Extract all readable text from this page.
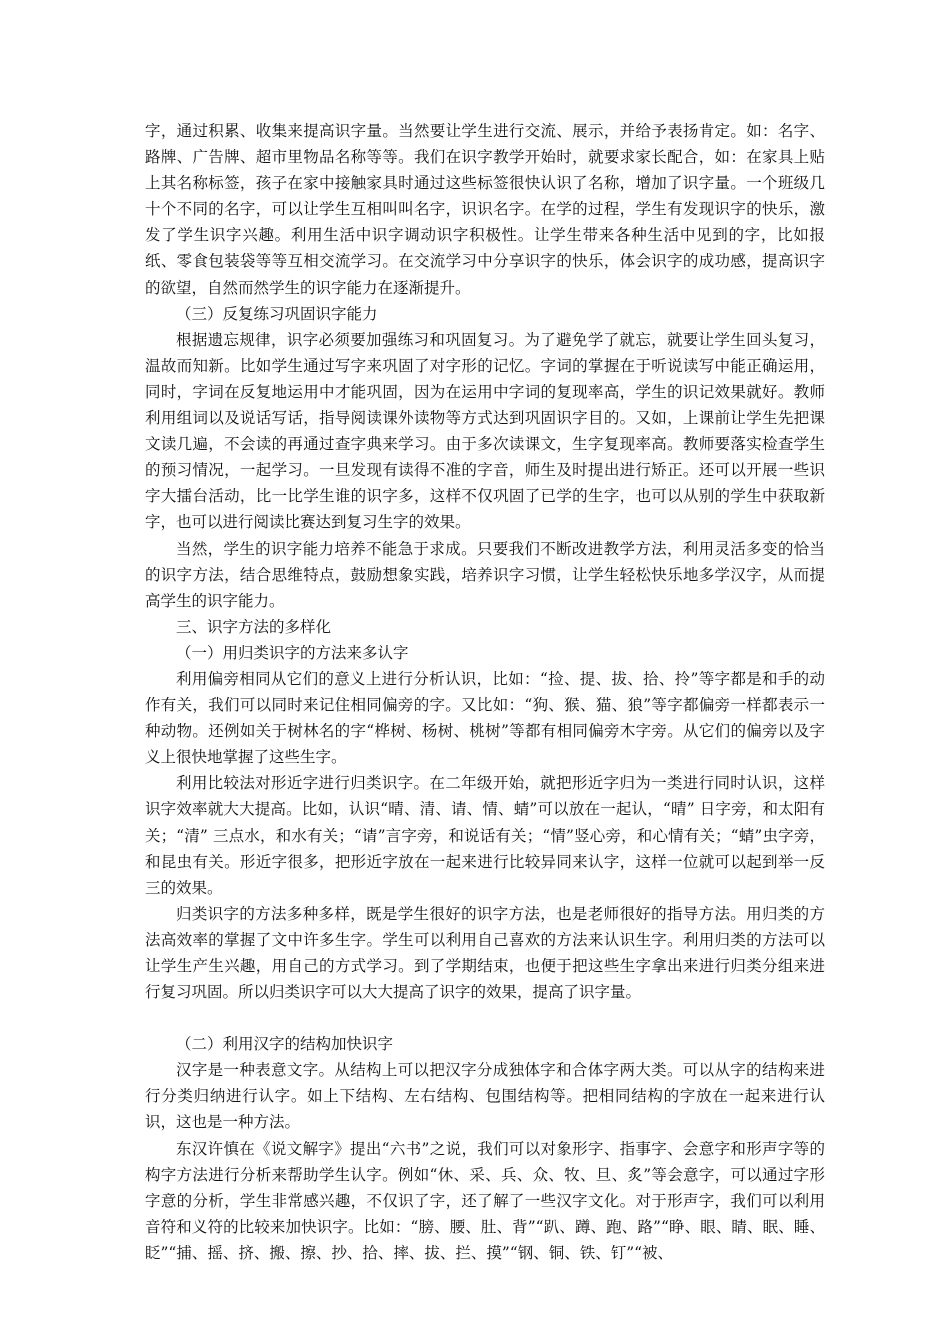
字，通过积累、收集来提高识字量。当然要让学生进行交流、展示，并给予表扬肯定。如：名字、路牌、广告牌、超市里物品名称等等。我们在识字教学开始时，就要求家长配合，如：在家具上贴上其名称标签，孩子在家中接触家具时通过这些标签很快认识了名称，增加了识字量。一个班级几十个不同的名字，可以让学生互相叫叫名字，识识名字。在学的过程，学生有发现识字的快乐，激发了学生识字兴趣。利用生活中识字调动识字积极性。让学生带来各种生活中见到的字，比如报纸、零食包装袋等等互相交流学习。在交流学习中分享识字的快乐，体会识字的成功感，提高识字的欲望，自然而然学生的识字能力在逐渐提升。

（三）反复练习巩固识字能力

根据遗忘规律，识字必须要加强练习和巩固复习。为了避免学了就忘，就要让学生回头复习，温故而知新。比如学生通过写字来巩固了对字形的记忆。字词的掌握在于听说读写中能正确运用，同时，字词在反复地运用中才能巩固，因为在运用中字词的复现率高，学生的识记效果就好。教师利用组词以及说话写话，指导阅读课外读物等方式达到巩固识字目的。又如，上课前让学生先把课文读几遍，不会读的再通过查字典来学习。由于多次读课文，生字复现率高。教师要落实检查学生的预习情况，一起学习。一旦发现有读得不准的字音，师生及时提出进行矫正。还可以开展一些识字大擂台活动，比一比学生谁的识字多，这样不仅巩固了已学的生字，也可以从别的学生中获取新字，也可以进行阅读比赛达到复习生字的效果。

当然，学生的识字能力培养不能急于求成。只要我们不断改进教学方法，利用灵活多变的恰当的识字方法，结合思维特点，鼓励想象实践，培养识字习惯，让学生轻松快乐地多学汉字，从而提高学生的识字能力。

三、识字方法的多样化

（一）用归类识字的方法来多认字

利用偏旁相同从它们的意义上进行分析认识，比如：“捡、提、拔、拾、拎”等字都是和手的动作有关，我们可以同时来记住相同偏旁的字。又比如：“狗、猴、猫、狼”等字都偏旁一样都表示一种动物。还例如关于树林名的字“桦树、杨树、桃树”等都有相同偏旁木字旁。从它们的偏旁以及字义上很快地掌握了这些生字。

利用比较法对形近字进行归类识字。在二年级开始，就把形近字归为一类进行同时认识，这样识字效率就大大提高。比如，认识“晴、清、请、情、蜻”可以放在一起认，“晴” 日字旁，和太阳有关；“清” 三点水，和水有关；“请”言字旁，和说话有关；“情”竖心旁，和心情有关；“蜻”虫字旁，和昆虫有关。形近字很多，把形近字放在一起来进行比较异同来认字，这样一位就可以起到举一反三的效果。

归类识字的方法多种多样，既是学生很好的识字方法，也是老师很好的指导方法。用归类的方法高效率的掌握了文中许多生字。学生可以利用自己喜欢的方法来认识生字。利用归类的方法可以让学生产生兴趣，用自己的方式学习。到了学期结束，也便于把这些生字拿出来进行归类分组来进行复习巩固。所以归类识字可以大大提高了识字的效果，提高了识字量。

（二）利用汉字的结构加快识字

汉字是一种表意文字。从结构上可以把汉字分成独体字和合体字两大类。可以从字的结构来进行分类归纳进行认字。如上下结构、左右结构、包围结构等。把相同结构的字放在一起来进行认识，这也是一种方法。

东汉许慎在《说文解字》提出“六书”之说，我们可以对象形字、指事字、会意字和形声字等的构字方法进行分析来帮助学生认字。例如“休、采、兵、众、牧、旦、炙”等会意字，可以通过字形字意的分析，学生非常感兴趣，不仅识了字，还了解了一些汉字文化。对于形声字，我们可以利用音符和义符的比较来加快识字。比如：“膀、腰、肚、背”“趴、蹲、跑、路”“睁、眼、睛、眠、睡、眨”“捕、摇、挤、搬、擦、抄、拾、摔、拔、拦、摸”“钢、铜、铁、钉”“被、
